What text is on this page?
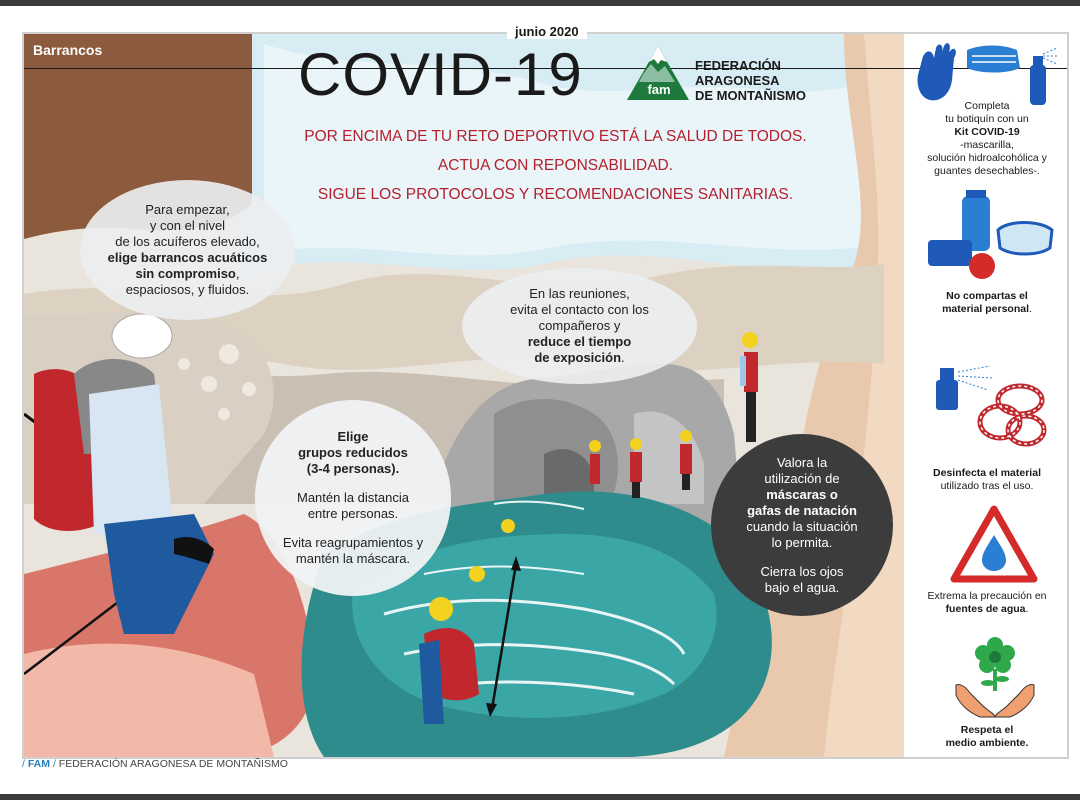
junio 2020
Barrancos	COVID-19	fam
FEDERACIÓN
ARAGONESA
DE MONTAÑISMO
POR ENCIMA DE TU RETO DEPORTIVO ESTÁ LA SALUD DE TODOS.
ACTUA CON REPONSABILIDAD.
SIGUE LOS PROTOCOLOS Y RECOMENDACIONES SANITARIAS.
Para empezar,
y con el nivel
de los acuíferos elevado,
elige barrancos acuáticos
sin compromiso,
espaciosos, y fluidos.	En las reuniones,
evita el contacto con los
compañeros y
reduce el tiempo
de exposición.
Elige
grupos reducidos
(3-4 personas).
Mantén la distancia
entre personas.
Evita reagrupamientos y
mantén la máscara.
Valora la
utilización de
máscaras o
gafas de natación
cuando la situación
lo permita.
Cierra los ojos
bajo el agua.
Completa
tu botiquín con un
Kit COVID-19
-mascarilla,
solución hidroalcohólica y
guantes desechables-.
No compartas el
material personal.
Desinfecta el material
utilizado tras el uso.
Extrema la precaución en
fuentes de agua.
Respeta el
medio ambiente.
/ FAM / FEDERACIÓN ARAGONESA DE MONTAÑISMO
